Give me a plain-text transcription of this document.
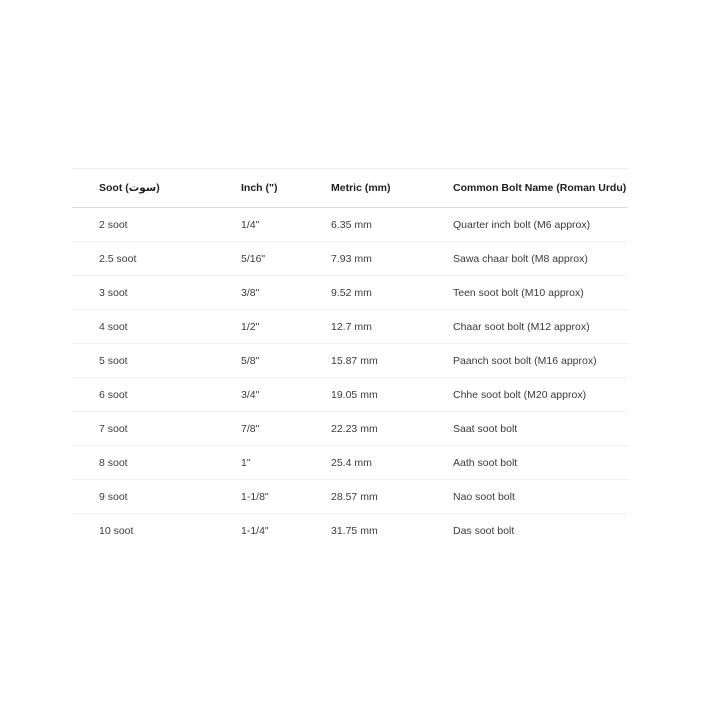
Soot (سوت)	Inch (")	Metric (mm)	Common Bolt Name (Roman Urdu)
2 soot	1/4"	6.35 mm	Quarter inch bolt (M6 approx)
2.5 soot	5/16"	7.93 mm	Sawa chaar bolt (M8 approx)
3 soot	3/8"	9.52 mm	Teen soot bolt (M10 approx)
4 soot	1/2"	12.7 mm	Chaar soot bolt (M12 approx)
5 soot	5/8"	15.87 mm	Paanch soot bolt (M16 approx)
6 soot	3/4"	19.05 mm	Chhe soot bolt (M20 approx)
7 soot	7/8"	22.23 mm	Saat soot bolt
8 soot	1"	25.4 mm	Aath soot bolt
9 soot	1-1/8"	28.57 mm	Nao soot bolt
10 soot	1-1/4"	31.75 mm	Das soot bolt
